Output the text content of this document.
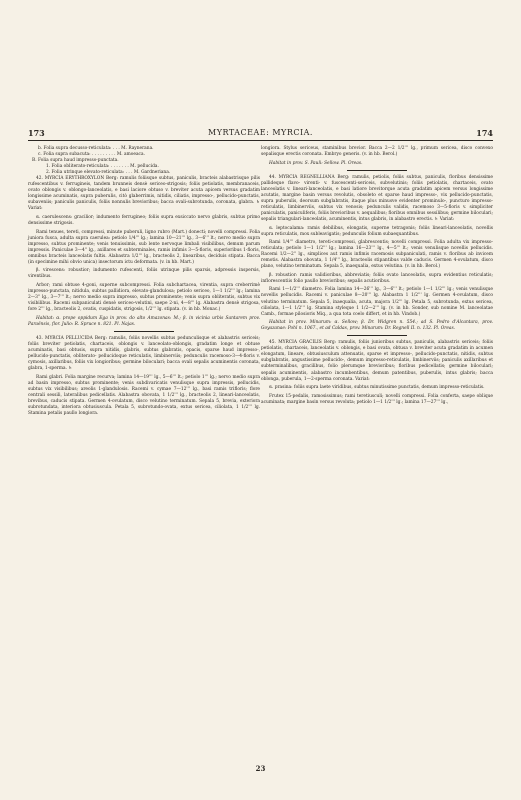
173	MYRTACEAE: MYRCIA.	174
b. Folia supra decusso-reticulata: . . . M. Raynerana.
c. Folia supra subacuta: . . . . . . . . . M. amoeaca.
B. Folia supra haud impresso-punctata.
1. Folia obliterato-reticulata: . . . . . . . M. pellucida.
2. Folia utrinque elevato-reticulata: . . . M. Gardneriana.

42. MYRCIA ERYTHROXYLON Berg: ramulis foliisque subtus, paniculis, bracteis alabastrisque pilis rufescentibus v. ferrugineis, tandem brunneis densè sericeo-strigosis; foliis petiolatis, membranaceis, ovato oblongis v. oblongo-lanceolatis, e basi laciore obtuso v. breviter acuta apicem versus gradatim longissime acuminatis, supra puberulis, citò glaberrimis, nitidis, ciliatis, impresso-, pellucido-punctatis, subaveniis; paniculis paniculis, foliis nonnulis brevioribus; bacca ovali-subrotunda, coronata, glabra. ♄ Variat:

α. caerulescens: gracilior; indumento ferrugineo; foliis supra exsiccato nervo glabris, subtus primo densissime strigosis.

Rami tenues, tereti, compressi, minute puberuli, ligno rubro (Mart.) donecti; novelli compressi. Folia juniora fusca, adulta supra caerulea: petiolo 1/4''' lg.; lamina 10—21''' lg., 3—6''' lt.; nervo medio supra impresso, subtus prominente; venis tenuissimis, sub lente nervoque limbali visibilibus, demum parum impressis. Paniculae 3—4'' lg., axillares et subterminales, ramis infimis 3—5-floris, superioribus 1-floris, omnibus bracteis lanceolatis fultis. Alabastra 1/2''' lg., bracteolis 2, linearibus, deciduis stipata. Bacca (in specimine mihi obvio unica) insectorum ictu deformata. (v. in hb. Mart.)

β. virescens: robustior; indumento rufescenti, foliis utrinque pilis sparsis, adpressis inspersis, virentibus.

Arbor; rami obtuse 4-goni, superne subcompressi. Folia subchartacea, virentia, supra creberrimè impresso-punctata, nitidula, subtus pallidiora, elevato-glandulosa; petiolo sericeo, 1—1 1/2''' lg.; lamina 2—3'' lg., 3—7''' lt.; nervo medio supra impresso, subtus prominente; venis supra obliteratis, subtus vix visibilibus. Racemi subpaniculati densè sericeo-velutini, saepe 2-ni, 4—8''' lg. Alabastra densè strigosa, fore 2''' lg., bracteolis 2, ovatis, cuspidatis, strigosis, 1/2''' lg. stipata. (v. in hb. Monac.)

Habitat: α. prope oppidum Ega in prov. do alto Amazonas: M.; β. in vicinia urbis Santarem prov. Paraënsis, flor. Julio: R. Spruce n. 821. Pl. Najas.

43. MYRCIA PELLUCIDA Berg: ramulis, foliis novellis subtus pedunculisque et alabastris sericeis; foliis breviter petiolatis, chartaceis, oblongis v. lanceolato-oblongis, gradatim longe et obtuse acuminatis, basi obtusis, supra nitidis, glabris, subtus glabratis, opacis, sparse haud impresso-, pellucido-punctatis, obliterato- pellucidoque reticulatis, limbinerviis; pedunculis racemoso-3—4-floris v. cymosis, axillaribus, foliis vix longioribus; germine biloculari; bacca ovali sepalis acuminentis coronata, glabra, 1-sperma. ♄

Rami glabri. Folia margine recurva; lamina 14—19''' lg., 5—6''' lt.; petiolo 1''' lg.; nervo medio supra ad basin impresso, subtus prominente; venis subdivaricatis venulisque supra impressis, pellucidis, subtus vix visibilibus; areolis 1-glandulosis. Racemi v. cymae 7—12''' lg., basi ramis trifloris; flore centrali sessili, lateralibus pedicellatis. Alabastra obovata, 1 1/2''' lg., bracteolis 2, lineari-lanceolatis, brevibus, caducis stipata. Germen 4-ovulatum, disco velutino terminatum. Sepala 5, brevia, exteriora subrotundata, interiora obtusiuscula. Petala 5, subrotundo-ovata, extus sericea, ciliolata, 1 1/2''' lg. Stamina petalis paullo longiora.

longiora. Stylus sericeus, staminibus brevior. Bacca 2—2 1/2''' lg., primum sericea, disco convexo sepalisque erectis coronata. Embryo generis. (v. in hb. Berol.)

Habitat in prov. S. Pauli: Sellow. Pl. Oreas.

44. MYRCIA REGNELLIANA Berg: ramulis, petiolis, foliis subtus, paniculis, floribus densissime pallideque flavo- virenti- v. fuscescenti-sericeis, subvelutinis; foliis petiolatis, chartaceis, ovato lanceolatis v. lineari-lanceolatis, e basi latiore brevitorque acuta gradatim apicem versus longissime acutatis, margine basin versus revolutis, obsoleto et sparse haud impresso-, vix pellucido-punctatis, supra puberulis, deorsum subglabratis, itaque plus minusve evidenter prominulo-, puncturo impresso-reticulatis, limbinerviis, subtus vix venosis; pedunculis validis, racemoso 3—5-floris v. simpliciter paniculatis, paniculiferis, foliis brevioribus v. aequalibus; floribus omnibus sessilibus; germine biloculari; sepalis triangulari-lanceolatis, acuminentis, intus glabris, in alabastro erectis. ♄ Variat:

α. leptocalama: ramis debilibus, elongatis, superne tetragonis; foliis lineari-lanceolatis, novellis supra reticulatis, mox subleavigatis; pedunculis folium subaequantibus.

Rami 1/4''' diametro, tereti-compressi, glabrescentis; novelli compressi. Folia adulta vix impresso-reticulata; petiolo 1—1 1/2''' lg.; lamina 16—23''' lg., 4—5''' lt.; venis venulisque novellis pellucidis. Racemi 1/2—2'' lg., simplices aut ramis infimis racemosis subpaniculati, ramis v. floribus ab invicem remotis. Alabastra obovata, 1 1/4''' lg., bracteolis stipantibus valde caducis. Germen 4-ovulatum, disco plano, velutino terminatum. Sepala 5, inaequalia, extus velutina. (v. in hb. Berol.)

β. robustior: ramis validioribus, abbreviatis; foliis ovato lanceolatis, supra evidentius reticulatis; inflorescentiis folio paullo brevioribus; sepalis acutioribus.

Rami 1—1/2''' diametro. Folia lamina 14—26''' lg., 3—6''' lt.; petiolo 1—1 1/2''' lg.; venis venulisque novellis pellucidis. Racemi v. paniculae 8—20''' lg. Alabastra 1 1/2''' lg. Germen 4-ovulatum, disco velutino terminatum. Sepala 5, inaequalia, acuta, majora 1/2''' lg. Petala 5, subrotunda, extus sericea, ciliolata, 1—1 1/2''' lg. Stamina styleque 1 1/2—2''' lg. (v. in hb. Sonder, sub nomine M. lanceolatae Camb., formae pilosioris Miq., a qua tota coelo differt, et in hb. Vindob.)

Habitat in prov. Minarum: α. Sellow; β. Dr. Widgren n. 554.; ad S. Pedro d'Alcantara, prov. Goyazanae: Pohl n. 1067., et ad Caldas, prov. Minarum: Dr. Regnell II. n. 132. Pl. Oreas.

45. MYRCIA GRACILIS Berg: ramulis, foliis junioribus subtus, paniculis, alabastris sericeis; foliis petiolatis, chartaceis, lanceolatis v. oblongis, e basi ovata, obtusa v. breviter acuta gradatim in acumen elongatum, lineare, obtusiusculum attenuatis, sparse et impresso-, pellucido-punctatis, nitidis, subtus subglabratis, angustissime pellucido-, demum impresso-reticulatis, limbinerviis; paniculis axillaribus et subterminalibus, gracilibus, folio plerumque brevioribus; floribus pedicellatis; germine biloculari; sepalis acuminentis, alabastro incumbentibus, demum patentibus, puberulis, intus glabris; bacca oblonga, puberula, 1—2-sperma coronata. Variat:

α. prasina: foliis supra laete viridibus, subtus minutissime punctatis, demum impresso-reticulatis.

Frutex 15-pedalis, ramosissimus; rami teretiusculi; novelli compressi. Folia conferta, saepe oblique acuminata; margine basin versus revoluta; petiolo 1—1 1/2''' lg.; lamina 17—27''' lg.,

23
